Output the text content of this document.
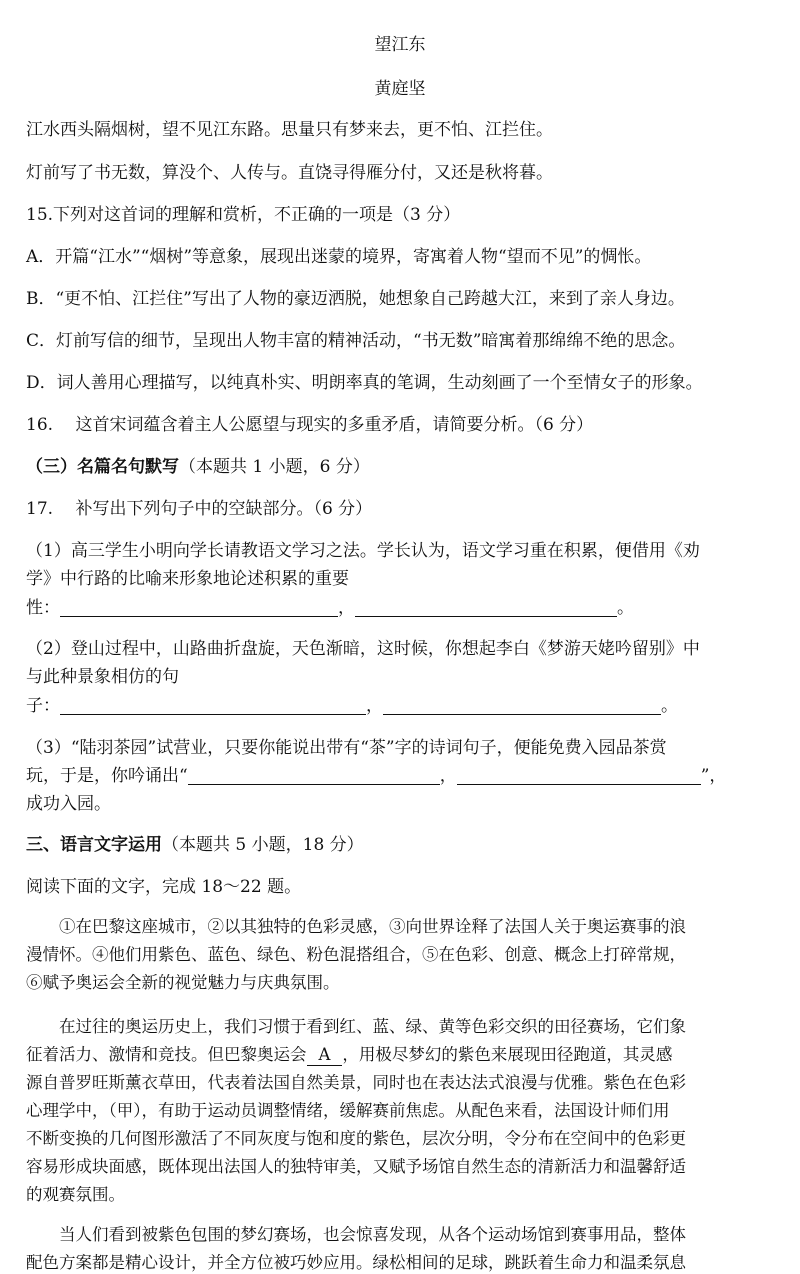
望江东
黄庭坚
江水西头隔烟树，望不见江东路。思量只有梦来去，更不怕、江拦住。
灯前写了书无数，算没个、人传与。直饶寻得雁分付，又还是秋将暮。
15.下列对这首词的理解和赏析，不正确的一项是（3 分）
A．开篇“江水”“烟树”等意象，展现出迷蒙的境界，寄寓着人物“望而不见”的惆怅。
B．“更不怕、江拦住”写出了人物的豪迈洒脱，她想象自己跨越大江，来到了亲人身边。
C．灯前写信的细节，呈现出人物丰富的精神活动，“书无数”暗寓着那绵绵不绝的思念。
D．词人善用心理描写，以纯真朴实、明朗率真的笔调，生动刻画了一个至情女子的形象。
16.　 这首宋词蕴含着主人公愿望与现实的多重矛盾，请简要分析。（6 分）
（三）名篇名句默写（本题共 1 小题，6 分）
17.　 补写出下列句子中的空缺部分。（6 分）
（1）高三学生小明向学长请教语文学习之法。学长认为，语文学习重在积累，便借用《劝
学》中行路的比喻来形象地论述积累的重要
性：	，	。
（2）登山过程中，山路曲折盘旋，天色渐暗，这时候，你想起李白《梦游天姥吟留别》中
与此种景象相仿的句
子：	，	。
（3）“陆羽茶园”试营业，只要你能说出带有“茶”字的诗词句子，便能免费入园品茶赏
玩，于是，你吟诵出“	，	”，
成功入园。
三、语言文字运用（本题共 5 小题，18 分）
阅读下面的文字，完成 18～22 题。
　　①在巴黎这座城市，②以其独特的色彩灵感，③向世界诠释了法国人关于奥运赛事的浪
漫情怀。④他们用紫色、蓝色、绿色、粉色混搭组合，⑤在色彩、创意、概念上打碎常规，
⑥赋予奥运会全新的视觉魅力与庆典氛围。
　　在过往的奥运历史上，我们习惯于看到红、蓝、绿、黄等色彩交织的田径赛场，它们象
征着活力、激情和竞技。但巴黎奥运会 A ，用极尽梦幻的紫色来展现田径跑道，其灵感
源自普罗旺斯薰衣草田，代表着法国自然美景，同时也在表达法式浪漫与优雅。紫色在色彩
心理学中，（甲），有助于运动员调整情绪，缓解赛前焦虑。从配色来看，法国设计师们用
不断变换的几何图形激活了不同灰度与饱和度的紫色，层次分明，令分布在空间中的色彩更
容易形成块面感，既体现出法国人的独特审美，又赋予场馆自然生态的清新活力和温馨舒适
的观赛氛围。
　　当人们看到被紫色包围的梦幻赛场，也会惊喜发现，从各个运动场馆到赛事用品，整体
配色方案都是精心设计，并全方位被巧妙应用。绿松相间的足球，跳跃着生命力和温柔氛息
